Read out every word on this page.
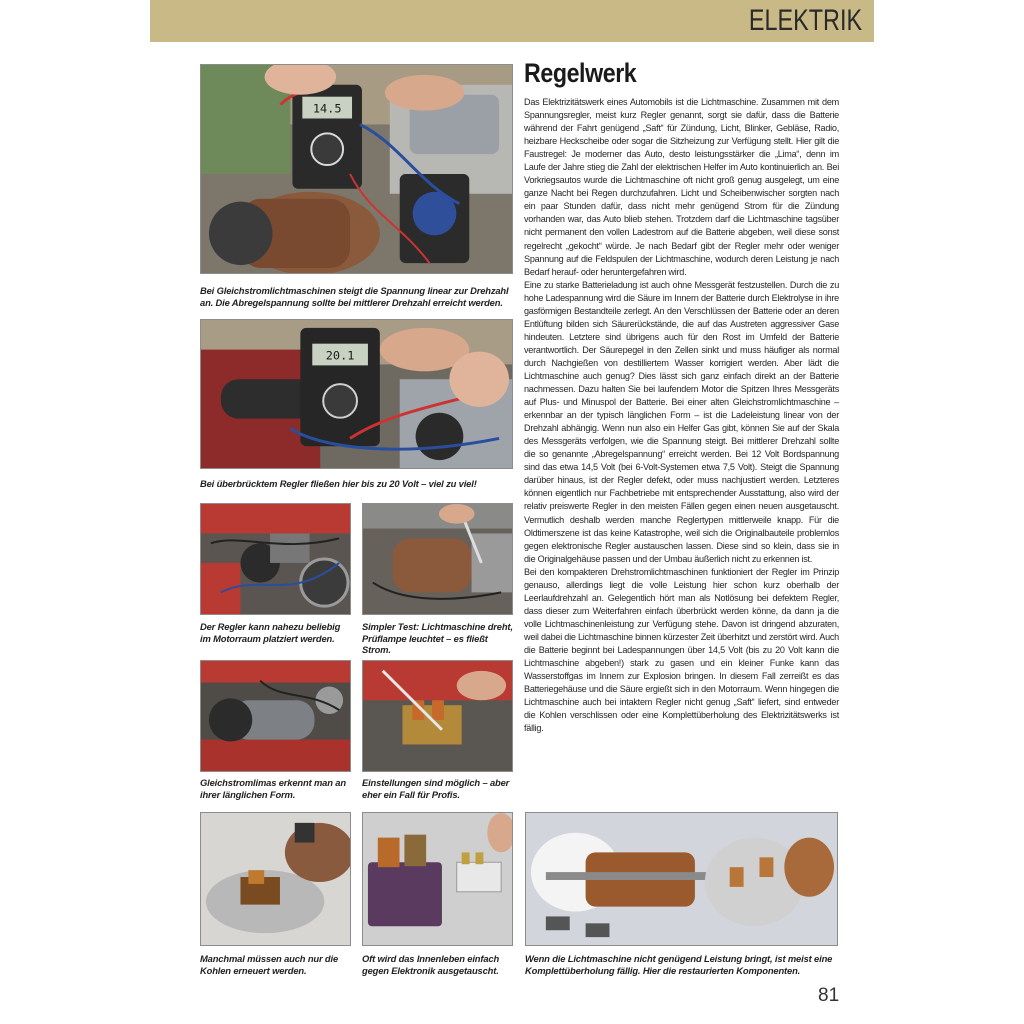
ELEKTRIK
14.5
Bei Gleichstromlichtmaschinen steigt die Spannung linear zur Drehzahl an. Die Abregelspannung sollte bei mittlerer Drehzahl erreicht werden.
20.1
Bei überbrücktem Regler fließen hier bis zu 20 Volt – viel zu viel!
Der Regler kann nahezu beliebig im Motorraum platziert werden.
Simpler Test: Lichtmaschine dreht, Prüflampe leuchtet – es fließt Strom.
Gleichstromlimas erkennt man an ihrer länglichen Form.
Einstellungen sind möglich – aber eher ein Fall für Profis.
Manchmal müssen auch nur die Kohlen erneuert werden.
Oft wird das Innenleben einfach gegen Elektronik ausgetauscht.
Wenn die Lichtmaschine nicht genügend Leistung bringt, ist meist eine Komplettüberholung fällig. Hier die restaurierten Komponenten.
Regelwerk

Das Elektrizitätswerk eines Automobils ist die Lichtmaschine. Zusammen mit dem Spannungsregler, meist kurz Regler genannt, sorgt sie dafür, dass die Batterie während der Fahrt genügend „Saft“ für Zündung, Licht, Blinker, Gebläse, Radio, heizbare Heckscheibe oder sogar die Sitzheizung zur Verfügung stellt. Hier gilt die Faustregel: Je moderner das Auto, desto leistungsstärker die „Lima“, denn im Laufe der Jahre stieg die Zahl der elektrischen Helfer im Auto kontinuierlich an. Bei Vorkriegsautos wurde die Lichtmaschine oft nicht groß genug ausgelegt, um eine ganze Nacht bei Regen durchzufahren. Licht und Scheibenwischer sorgten nach ein paar Stunden dafür, dass nicht mehr genügend Strom für die Zündung vorhanden war, das Auto blieb stehen. Trotzdem darf die Lichtmaschine tagsüber nicht permanent den vollen Ladestrom auf die Batterie abgeben, weil diese sonst regelrecht „gekocht“ würde. Je nach Bedarf gibt der Regler mehr oder weniger Spannung auf die Feldspulen der Lichtmaschine, wodurch deren Leistung je nach Bedarf herauf- oder heruntergefahren wird.

Eine zu starke Batterieladung ist auch ohne Messgerät festzustellen. Durch die zu hohe Ladespannung wird die Säure im Innern der Batterie durch Elektrolyse in ihre gasförmigen Bestandteile zerlegt. An den Verschlüssen der Batterie oder an deren Entlüftung bilden sich Säurerückstände, die auf das Austreten aggressiver Gase hindeuten. Letztere sind übrigens auch für den Rost im Umfeld der Batterie verantwortlich. Der Säurepegel in den Zellen sinkt und muss häufiger als normal durch Nachgießen von destilliertem Wasser korrigiert werden. Aber lädt die Lichtmaschine auch genug? Dies lässt sich ganz einfach direkt an der Batterie nachmessen. Dazu halten Sie bei laufendem Motor die Spitzen Ihres Messgeräts auf Plus- und Minuspol der Batterie. Bei einer alten Gleichstromlichtmaschine – erkennbar an der typisch länglichen Form – ist die Ladeleistung linear von der Drehzahl abhängig. Wenn nun also ein Helfer Gas gibt, können Sie auf der Skala des Messgeräts verfolgen, wie die Spannung steigt. Bei mittlerer Drehzahl sollte die so genannte „Abregelspannung“ erreicht werden. Bei 12 Volt Bordspannung sind das etwa 14,5 Volt (bei 6-Volt-Systemen etwa 7,5 Volt). Steigt die Spannung darüber hinaus, ist der Regler defekt, oder muss nachjustiert werden. Letzteres können eigentlich nur Fachbetriebe mit entsprechender Ausstattung, also wird der relativ preiswerte Regler in den meisten Fällen gegen einen neuen ausgetauscht. Vermutlich deshalb werden manche Reglertypen mittlerweile knapp. Für die Oldtimerszene ist das keine Katastrophe, weil sich die Originalbauteile problemlos gegen elektronische Regler austauschen lassen. Diese sind so klein, dass sie in die Originalgehäuse passen und der Umbau äußerlich nicht zu erkennen ist.

Bei den kompakteren Drehstromlichtmaschinen funktioniert der Regler im Prinzip genauso, allerdings liegt die volle Leistung hier schon kurz oberhalb der Leerlaufdrehzahl an. Gelegentlich hört man als Notlösung bei defektem Regler, dass dieser zum Weiterfahren einfach überbrückt werden könne, da dann ja die volle Lichtmaschinenleistung zur Verfügung stehe. Davon ist dringend abzuraten, weil dabei die Lichtmaschine binnen kürzester Zeit überhitzt und zerstört wird. Auch die Batterie beginnt bei Ladespannungen über 14,5 Volt (bis zu 20 Volt kann die Lichtmaschine abgeben!) stark zu gasen und ein kleiner Funke kann das Wasserstoffgas im Innern zur Explosion bringen. In diesem Fall zerreißt es das Batteriegehäuse und die Säure ergießt sich in den Motorraum. Wenn hingegen die Lichtmaschine auch bei intaktem Regler nicht genug „Saft“ liefert, sind entweder die Kohlen verschlissen oder eine Komplettüberholung des Elektrizitätswerks ist fällig.

81
